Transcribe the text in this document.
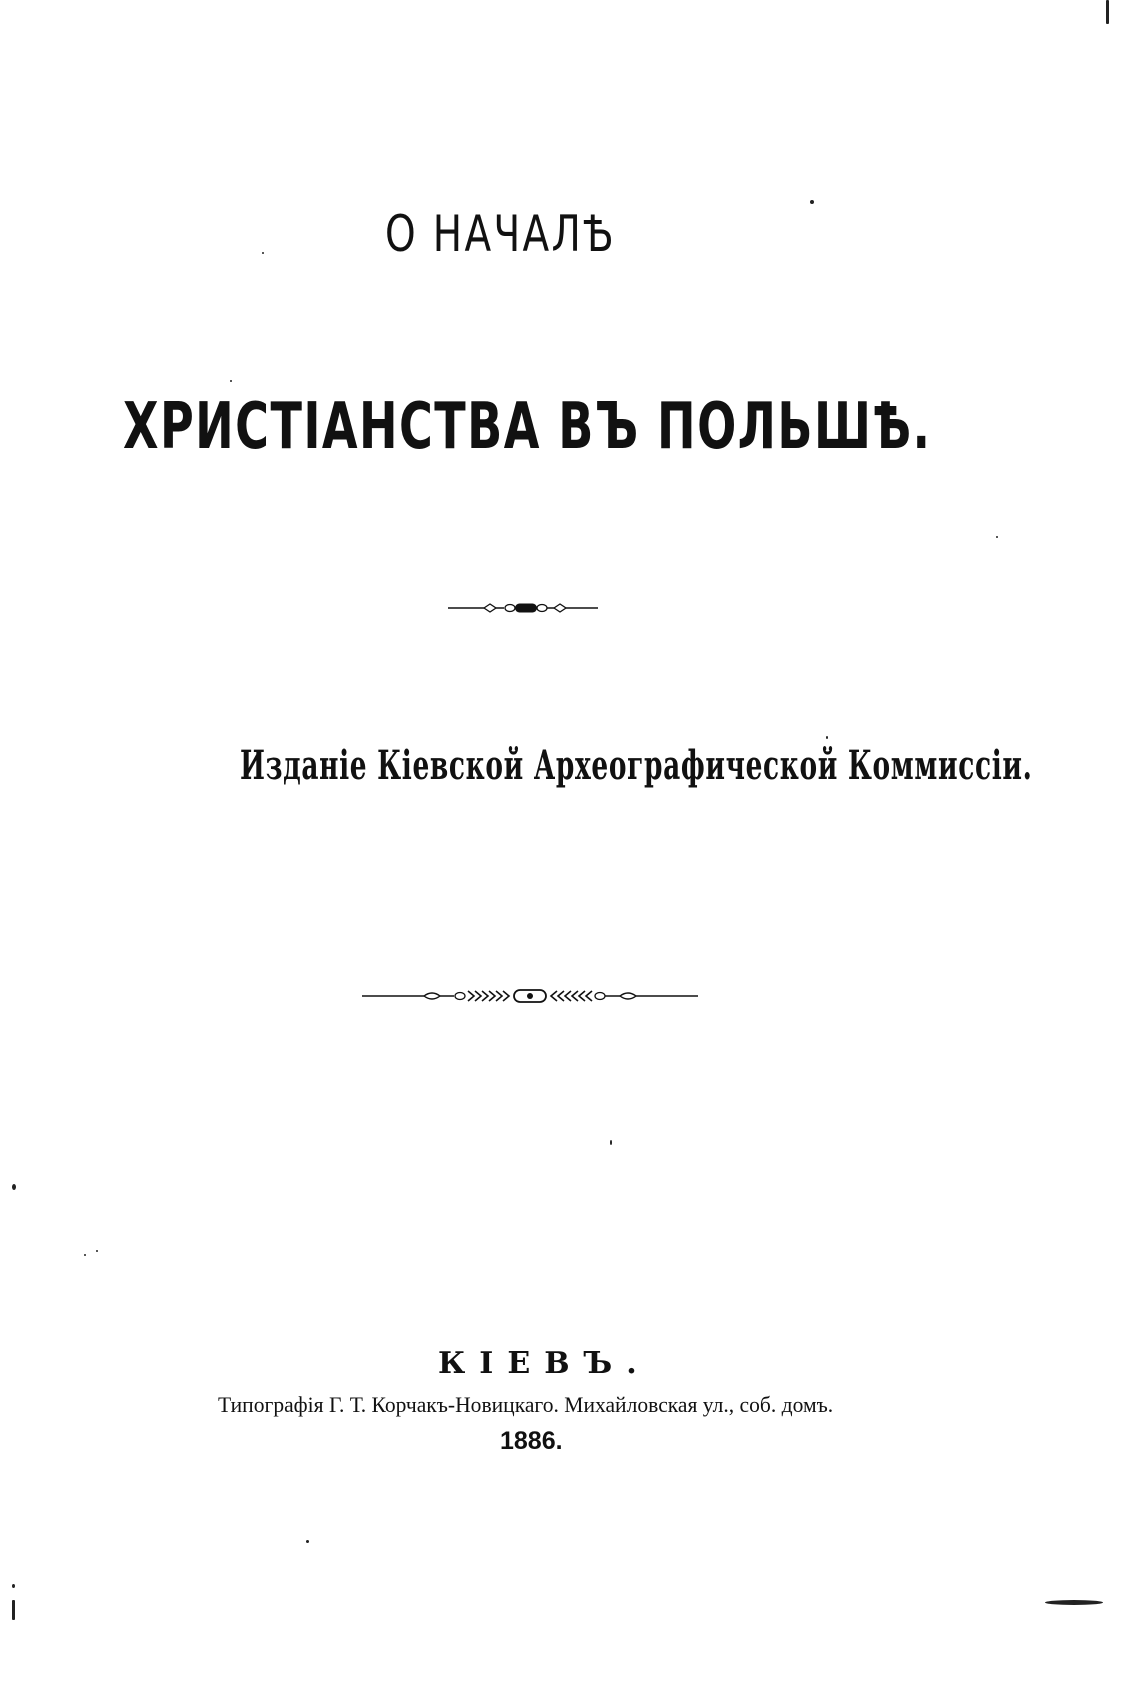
О НАЧАЛѢ
ХРИСТІАНСТВА ВЪ ПОЛЬШѢ.
Изданіе Кіевской Археографической Коммиссіи.
КІЕВЪ.
Типографія Г. Т. Корчакъ-Новицкаго. Михайловская ул., соб. домъ.
1886.
